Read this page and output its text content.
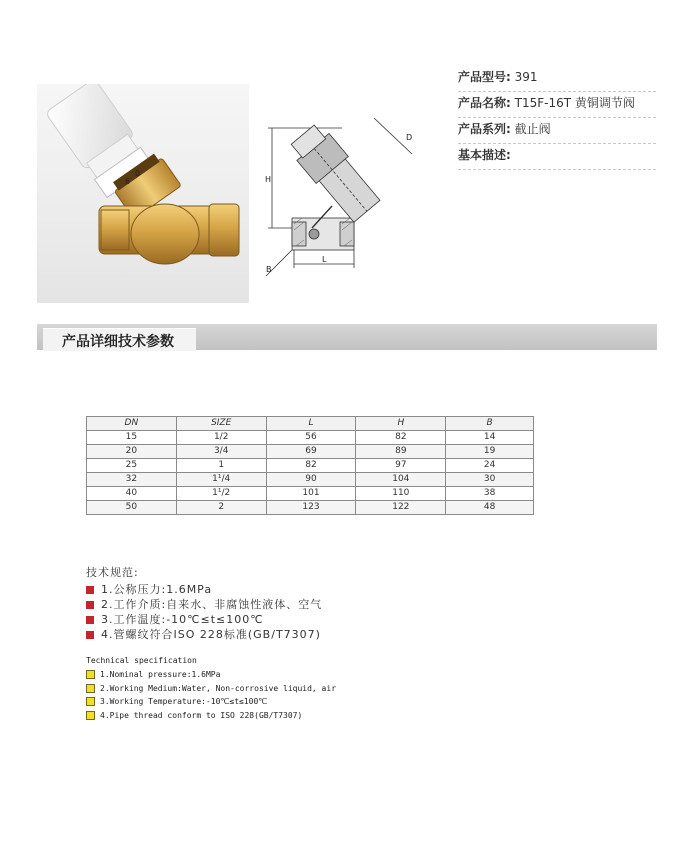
6
0
H
L
B
D
产品型号: 391
产品名称: T15F-16T 黄铜调节阀
产品系列: 截止阀
基本描述:
产品详细技术参数
DN	SIZE	L	H	B
15	1/2	56	82	14
20	3/4	69	89	19
25	1	82	97	24
32	1¹/4	90	104	30
40	1¹/2	101	110	38
50	2	123	122	48
技术规范:
1.公称压力:1.6MPa
2.工作介质:自来水、非腐蚀性液体、空气
3.工作温度:-10℃≤t≤100℃
4.管螺纹符合ISO 228标准(GB/T7307)
Technical specification
1.Nominal pressure:1.6MPa
2.Working Medium:Water, Non-corrosive liquid, air
3.Working Temperature:-10℃≤t≤100℃
4.Pipe thread conform to ISO 228(GB/T7307)
